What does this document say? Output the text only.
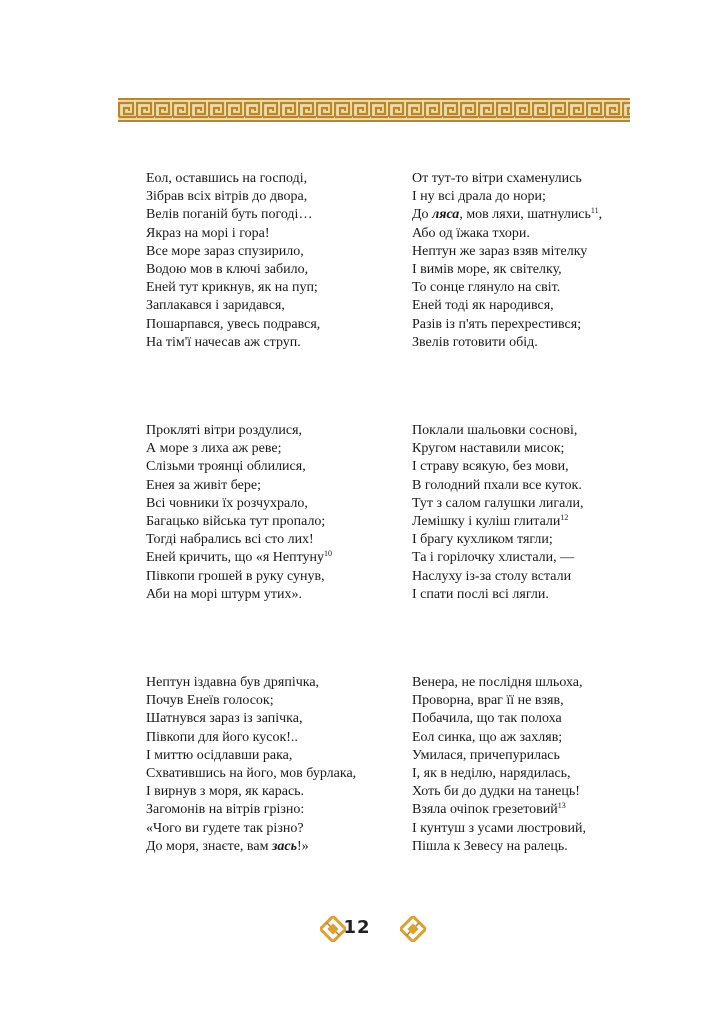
Еол, оставшись на господі,
Зібрав всіх вітрів до двора,
Велів поганій буть погоді…
Якраз на морі і гора!
Все море зараз спузирило,
Водою мов в ключі забило,
Еней тут крикнув, як на пуп;
Заплакався і заридався,
Пошарпався, увесь подрався,
На тім'ї начесав аж струп.
От тут-то вітри схаменулись
І ну всі драла до нори;
До ляса, мов ляхи, шатнулись$^{11}$,
Або од їжака тхори.
Нептун же зараз взяв мітелку
І вимів море, як світелку,
То сонце глянуло на світ.
Еней тоді як народився,
Разів із п'ять перехрестився;
Звелів готовити обід.
Проклятi вітри роздулися,
А море з лиха аж реве;
Слізьми троянці облилися,
Енея за живіт бере;
Всі човники їх розчухрало,
Багацько війська тут пропало;
Тогді набрались всі сто лих!
Еней кричить, що «я Нептуну$^{10}$
Півкопи грошей в руку сунув,
Аби на морі штурм утих».
Поклали шальовки соснові,
Кругом наставили мисок;
І страву всякую, без мови,
В голодний пхали все куток.
Тут з салом галушки лигали,
Лемішку і куліш глитали$^{12}$
І брагу кухликом тягли;
Та і горілочку хлистали, —
Наслуху із-за столу встали
І спати послі всі лягли.
Нептун іздавна був дряпічка,
Почув Енеїв голосок;
Шатнувся зараз із запічка,
Півкопи для його кусок!..
І миттю осідлавши рака,
Схватившись на його, мов бурлака,
І вирнув з моря, як карась.
Загомонів на вітрів грізно:
«Чого ви гудете так різно?
До моря, знаєте, вам зась!»
Венера, не послідня шльоха,
Проворна, враг її не взяв,
Побачила, що так полоха
Еол синка, що аж захляв;
Умилася, причепурилась
І, як в неділю, нарядилась,
Хоть би до дудки на танець!
Взяла очіпок грезетовий$^{13}$
І кунтуш з усами люстровий,
Пішла к Зевесу на ралець.
12
